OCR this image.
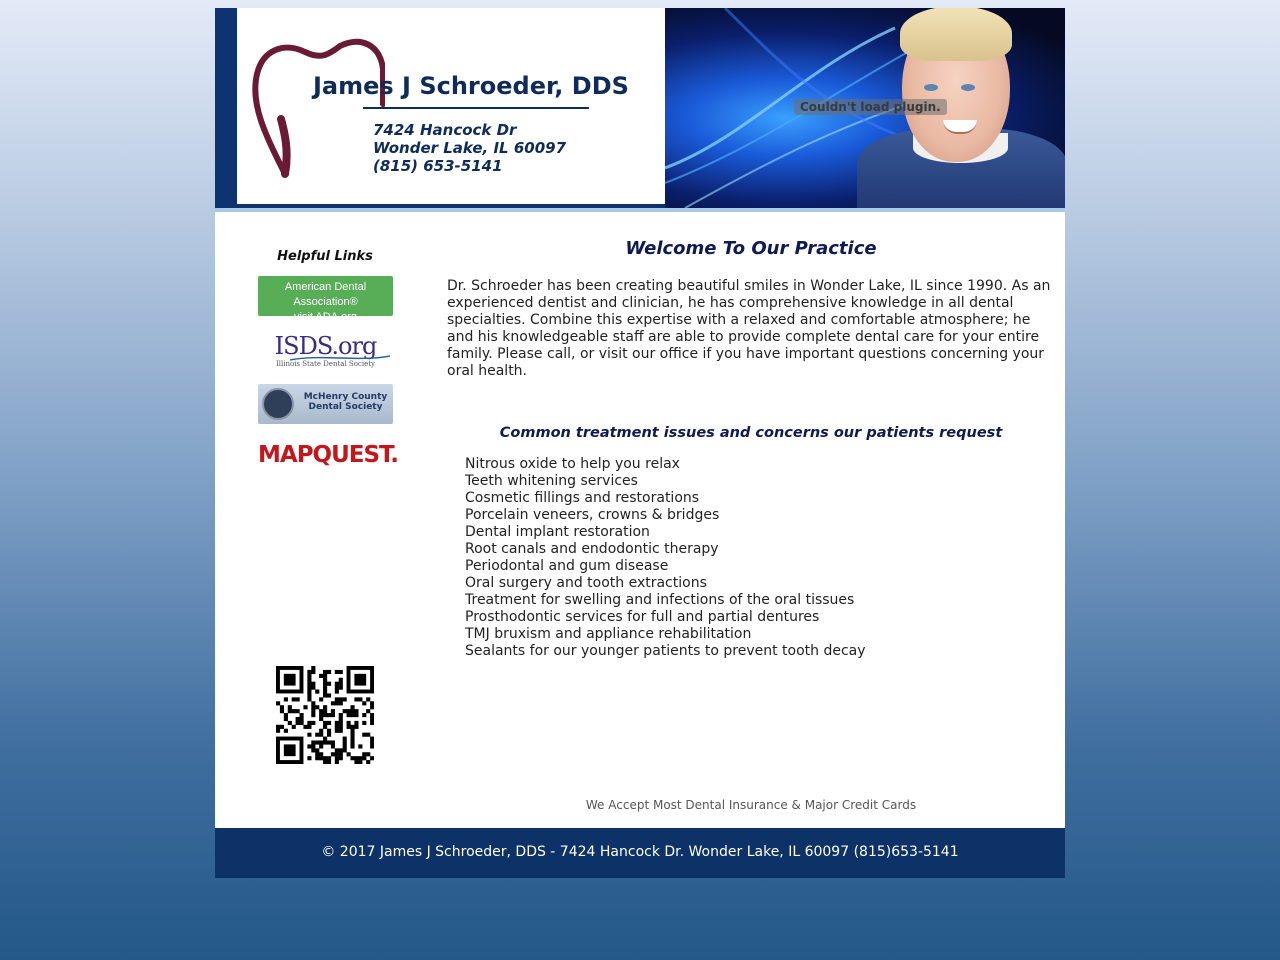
James J Schroeder, DDS
7424 Hancock Dr
Wonder Lake, IL 60097
(815) 653-5141
Couldn't load plugin.
Helpful Links
American Dental Association®
visit ADA.org
ISDS.org
Illinois State Dental Society
McHenry County
Dental Society
MAPQUEST.
Welcome To Our Practice

Dr. Schroeder has been creating beautiful smiles in Wonder Lake, IL since 1990. As an experienced dentist and clinician, he has comprehensive knowledge in all dental specialties. Combine this expertise with a relaxed and comfortable atmosphere; he and his knowledgeable staff are able to provide complete dental care for your entire family. Please call, or visit our office if you have important questions concerning your oral health.

Common treatment issues and concerns our patients request
Nitrous oxide to help you relax
Teeth whitening services
Cosmetic fillings and restorations
Porcelain veneers, crowns & bridges
Dental implant restoration
Root canals and endodontic therapy
Periodontal and gum disease
Oral surgery and tooth extractions
Treatment for swelling and infections of the oral tissues
Prosthodontic services for full and partial dentures
TMJ bruxism and appliance rehabilitation
Sealants for our younger patients to prevent tooth decay
We Accept Most Dental Insurance & Major Credit Cards
© 2017 James J Schroeder, DDS - 7424 Hancock Dr. Wonder Lake, IL 60097 (815)653-5141
